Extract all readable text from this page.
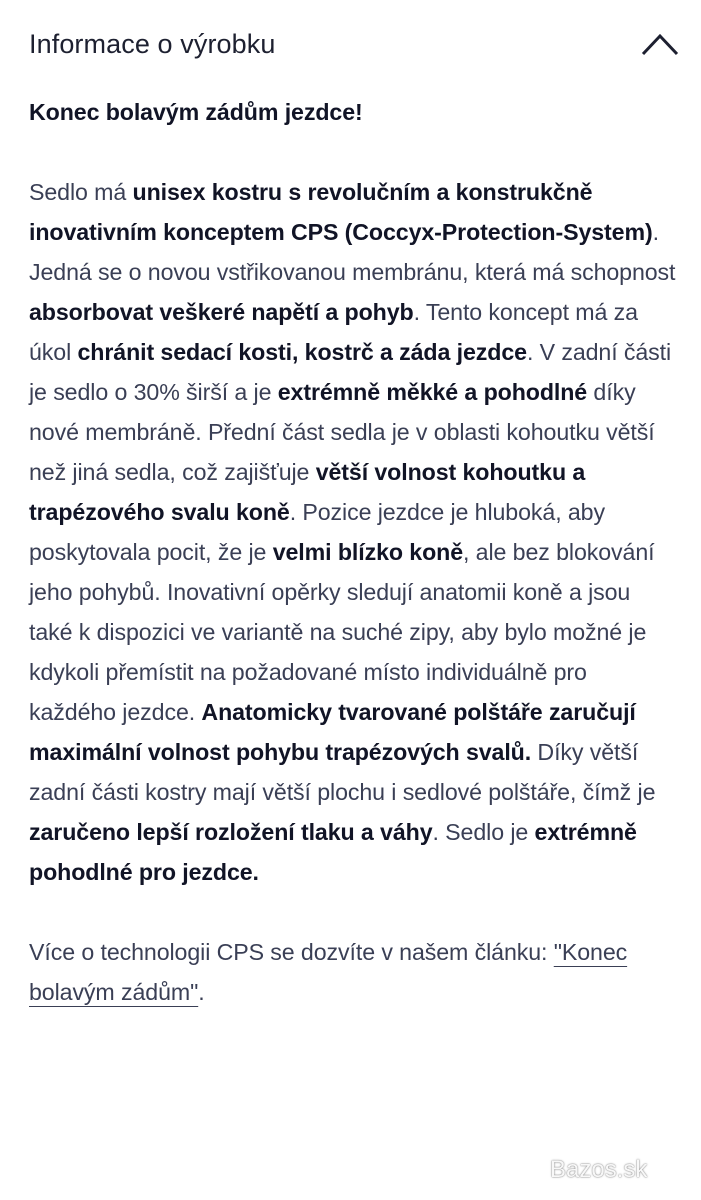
Informace o výrobku

Konec bolavým zádům jezdce!

Sedlo má unisex kostru s revolučním a konstrukčně inovativním konceptem CPS (Coccyx-Protection-System). Jedná se o novou vstřikovanou membránu, která má schopnost absorbovat veškeré napětí a pohyb. Tento koncept má za úkol chránit sedací kosti, kostrč a záda jezdce. V zadní části je sedlo o 30% širší a je extrémně měkké a pohodlné díky nové membráně. Přední část sedla je v oblasti kohoutku větší než jiná sedla, což zajišťuje větší volnost kohoutku a trapézového svalu koně. Pozice jezdce je hluboká, aby poskytovala pocit, že je velmi blízko koně, ale bez blokování jeho pohybů. Inovativní opěrky sledují anatomii koně a jsou také k dispozici ve variantě na suché zipy, aby bylo možné je kdykoli přemístit na požadované místo individuálně pro každého jezdce. Anatomicky tvarované polštáře zaručují maximální volnost pohybu trapézových svalů. Díky větší zadní části kostry mají větší plochu i sedlové polštáře, čímž je zaručeno lepší rozložení tlaku a váhy. Sedlo je extrémně pohodlné pro jezdce.

Více o technologii CPS se dozvíte v našem článku: "Konec bolavým zádům".

Bazos.sk
